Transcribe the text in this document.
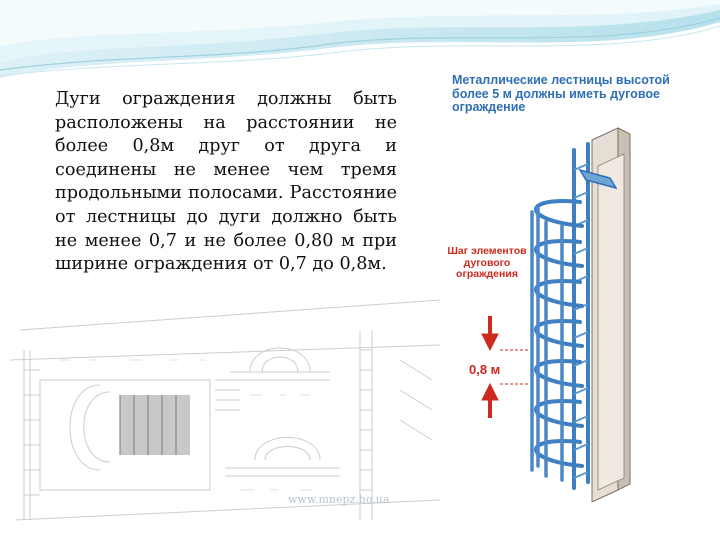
Дуги ограждения должны быть расположены на расстоянии не более 0,8м друг от друга и соединены не менее чем тремя продольными полосами. Расстояние от лестницы до дуги должно быть не менее 0,7 и не более 0,80 м при ширине ограждения от 0,7 до 0,8м.

Металлические лестницы высотой более 5 м должны иметь дуговое ограждение

Шаг элементов дугового ограждения
0,8 м
www.mnepz.ho.ua
